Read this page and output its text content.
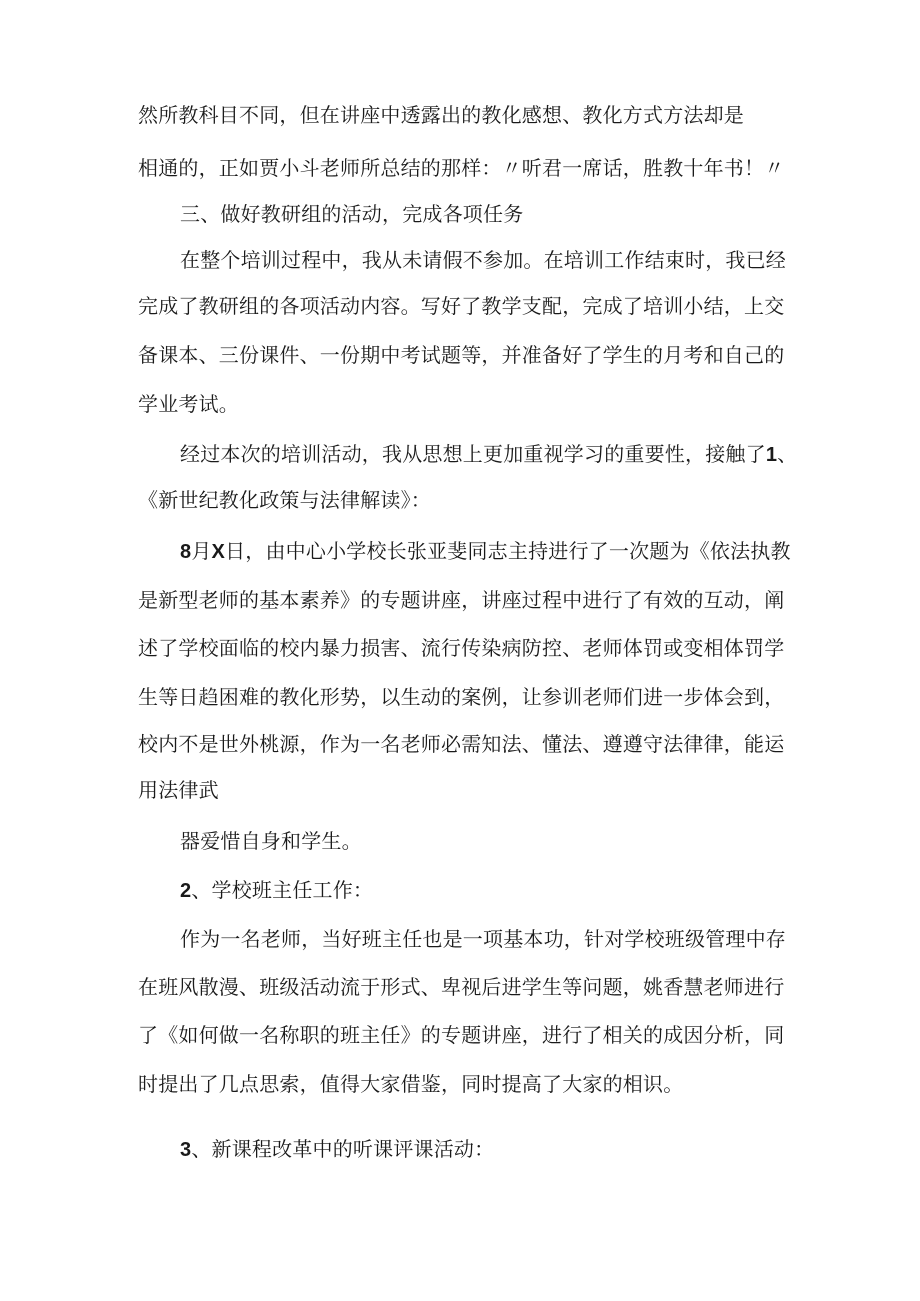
然所教科目不同，但在讲座中透露出的教化感想、教化方式方法却是
相通的，正如贾小斗老师所总结的那样：〃听君一席话，胜教十年书！〃
三、做好教研组的活动，完成各项任务
在整个培训过程中，我从未请假不参加。在培训工作结束时，我已经
完成了教研组的各项活动内容。写好了教学支配，完成了培训小结，上交
备课本、三份课件、一份期中考试题等，并准备好了学生的月考和自己的
学业考试。
经过本次的培训活动，我从思想上更加重视学习的重要性，接触了1、
《新世纪教化政策与法律解读》：
8月X日，由中心小学校长张亚斐同志主持进行了一次题为《依法执教
是新型老师的基本素养》的专题讲座，讲座过程中进行了有效的互动，阐
述了学校面临的校内暴力损害、流行传染病防控、老师体罚或变相体罚学
生等日趋困难的教化形势，以生动的案例，让参训老师们进一步体会到，
校内不是世外桃源，作为一名老师必需知法、懂法、遵遵守法律律，能运
用法律武
器爱惜自身和学生。
2、学校班主任工作：
作为一名老师，当好班主任也是一项基本功，针对学校班级管理中存
在班风散漫、班级活动流于形式、卑视后进学生等问题，姚香慧老师进行
了《如何做一名称职的班主任》的专题讲座，进行了相关的成因分析，同
时提出了几点思索，值得大家借鉴，同时提高了大家的相识。
3、新课程改革中的听课评课活动：
